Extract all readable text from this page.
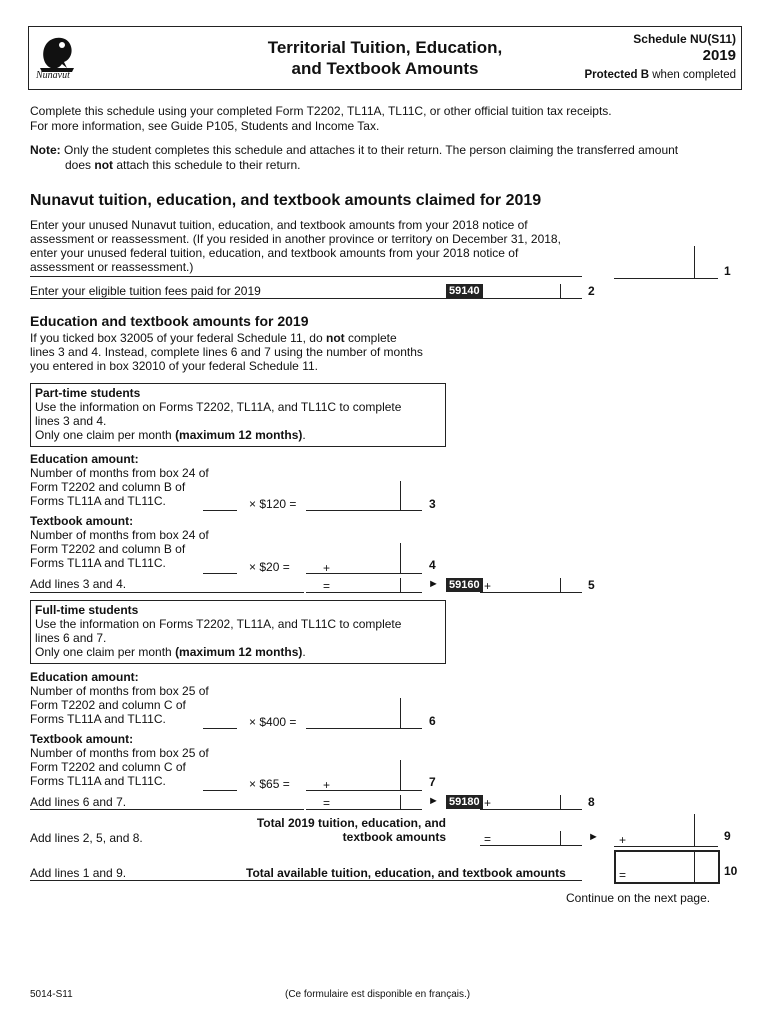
Nunavut
Territorial Tuition, Education,
and Textbook Amounts
Schedule NU(S11)
2019
Protected B when completed

Complete this schedule using your completed Form T2202, TL11A, TL11C, or other official tuition tax receipts.

For more information, see Guide P105, Students and Income Tax.

Note: Only the student completes this schedule and attaches it to their return. The person claiming the transferred amount

does not attach this schedule to their return.

Nunavut tuition, education, and textbook amounts claimed for 2019

Enter your unused Nunavut tuition, education, and textbook amounts from your 2018 notice of

assessment or reassessment. (If you resided in another province or territory on December 31, 2018,

enter your unused federal tuition, education, and textbook amounts from your 2018 notice of

assessment or reassessment.)	1
Enter your eligible tuition fees paid for 2019	59140	2
Education and textbook amounts for 2019

If you ticked box 32005 of your federal Schedule 11, do not complete

lines 3 and 4. Instead, complete lines 6 and 7 using the number of months

you entered in box 32010 of your federal Schedule 11.

Part-time students

Use the information on Forms T2202, TL11A, and TL11C to complete

lines 3 and 4.

Only one claim per month (maximum 12 months).

Education amount:

Number of months from box 24 of

Form T2202 and column B of

Forms TL11A and TL11C.	× $120 =	3

Textbook amount:

Number of months from box 24 of

Form T2202 and column B of

Forms TL11A and TL11C.	× $20 =	+	4
Add lines 3 and 4.	=	► 59160 +	5

Full-time students

Use the information on Forms T2202, TL11A, and TL11C to complete

lines 6 and 7.

Only one claim per month (maximum 12 months).

Education amount:

Number of months from box 25 of

Form T2202 and column C of

Forms TL11A and TL11C.	× $400 =	6

Textbook amount:

Number of months from box 25 of

Form T2202 and column C of

Forms TL11A and TL11C.	× $65 =	+	7
Add lines 6 and 7.	=	► 59180 +	8
Add lines 2, 5, and 8.
Total 2019 tuition, education, and
textbook amounts	=	► +	9
Add lines 1 and 9.	Total available tuition, education, and textbook amounts	=	10
Continue on the next page.
5014-S11	(Ce formulaire est disponible en français.)
